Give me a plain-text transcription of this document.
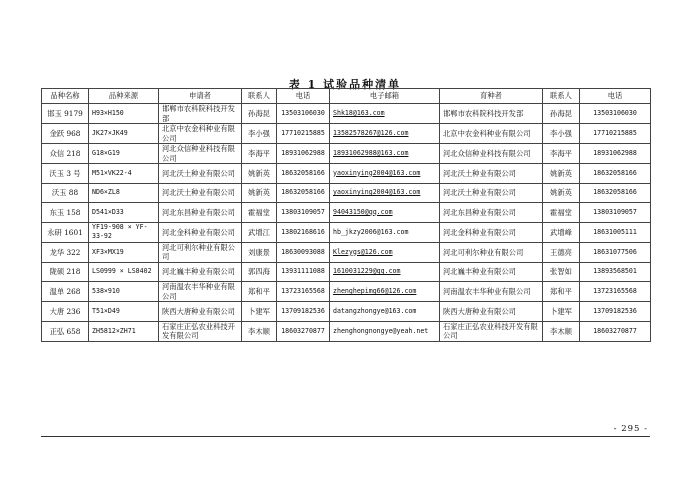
表 1 试验品种清单
品种名称	品种来源	申请者	联系人	电话	电子邮箱	育种者	联系人	电话
邯玉 9179	H93×H150	邯郸市农科院科技开发部	孙海昆	13503106030	Shk18@163.com	邯郸市农科院科技开发部	孙海昆	13503106030
金跃 968	JK27×JK49	北京中农金科种业有限公司	李小强	17710215885	13582578267@126.com	北京中农金科种业有限公司	李小强	17710215885
众信 218	G18×G19	河北众信种业科技有限公司	李海平	18931062988	18931062988@163.com	河北众信种业科技有限公司	李海平	18931062988
沃玉 3 号	M51×VK22-4	河北沃土种业有限公司	姚新英	18632058166	yaoxinying2004@163.com	河北沃土种业有限公司	姚新英	18632058166
沃玉 88	ND6×ZL8	河北沃土种业有限公司	姚新英	18632058166	yaoxinying2004@163.com	河北沃土种业有限公司	姚新英	18632058166
东玉 158	D541×D33	河北东昌种业有限公司	霍福堂	13803109057	94043150@qq.com	河北东昌种业有限公司	霍福堂	13803109057
永研 1601	YF19-908 × YF-33-92	河北金科种业有限公司	武增江	13802168616	hb_jkzy2006@163.com	河北金科种业有限公司	武增峰	18631005111
龙华 322	XF3×MX19	河北可利尔种业有限公司	刘康景	18630093088	Klezygs@126.com	河北可利尔种业有限公司	王德亮	18631077506
陇硕 218	LS0999 × LS8402	河北巍丰种业有限公司	郭四海	13931111088	1610031229@qq.com	河北巍丰种业有限公司	张智如	13893568501
温单 268	538×910	河南温农丰华种业有限公司	郑和平	13723165568	zhenghepimg66@126.com	河南温农丰华种业有限公司	郑和平	13723165568
大唐 236	T51×D49	陕西大唐种业有限公司	卜建军	13709182536	datangzhongye@163.com	陕西大唐种业有限公司	卜建军	13709182536
正弘 658	ZH5812×ZH71	石家庄正弘农业科技开发有限公司	李木顺	18603270877	zhenghongnongye@yeah.net	石家庄正弘农业科技开发有限公司	李木顺	18603270877
- 295 -
